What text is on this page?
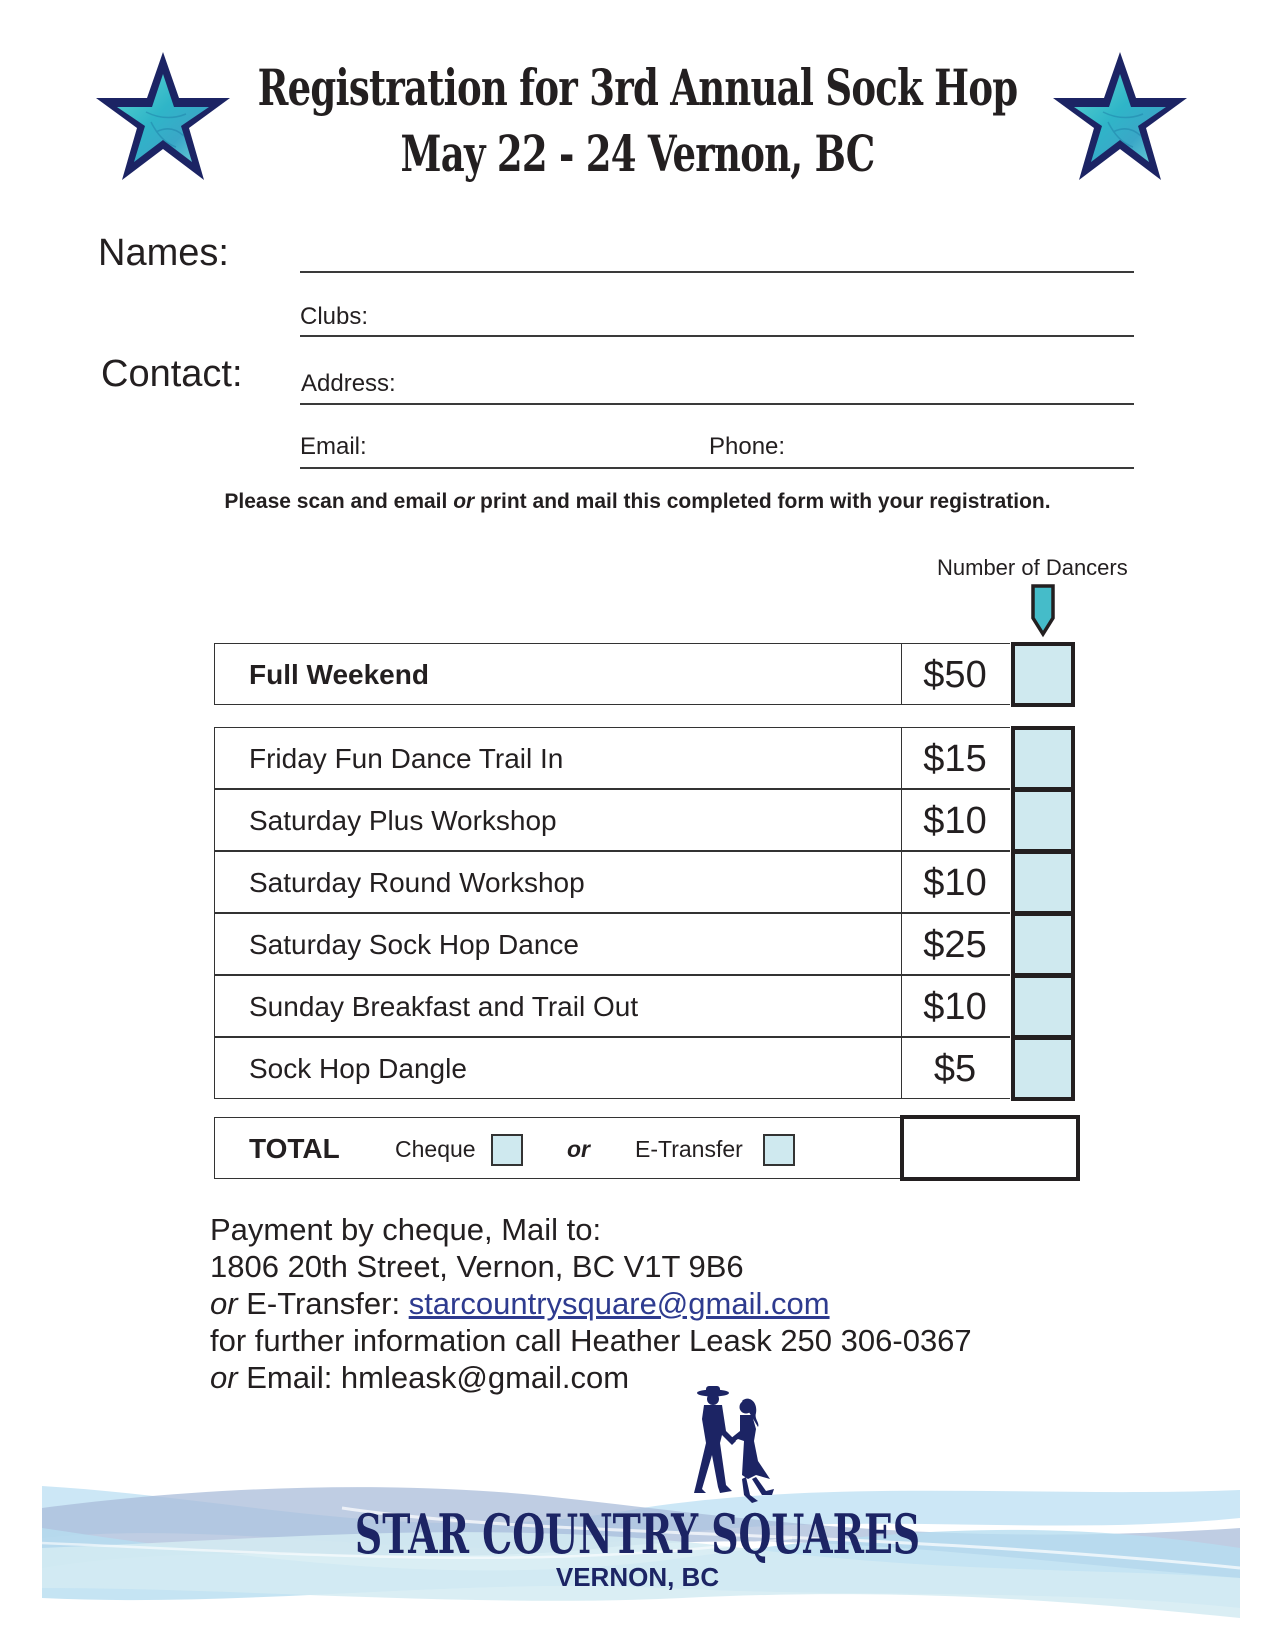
Registration for 3rd Annual Sock Hop
May 22 - 24 Vernon, BC
Names:
Clubs:
Contact: Address:
Email:	Phone:
Please scan and email or print and mail this completed form with your registration.
Number of Dancers
Full Weekend	$50
Friday Fun Dance Trail In	$15
Saturday Plus Workshop	$10
Saturday Round Workshop	$10
Saturday Sock Hop Dance	$25
Sunday Breakfast and Trail Out	$10
Sock Hop Dangle	$5
TOTAL Cheque	or E-Transfer
Payment by cheque, Mail to:
1806 20th Street, Vernon, BC V1T 9B6
or E-Transfer: starcountrysquare@gmail.com
for further information call Heather Leask 250 306-0367
or Email: hmleask@gmail.com
STAR COUNTRY SQUARES
VERNON, BC
